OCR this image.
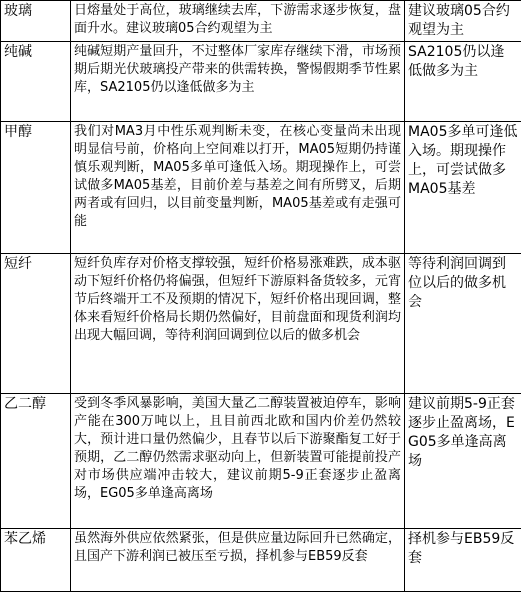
玻璃	日熔量处于高位，玻璃继续去库，下游需求逐步恢复，盘面升水。建议玻璃05合约观望为主	建议玻璃05合约观望为主
纯碱	纯碱短期产量回升，不过整体厂家库存继续下滑，市场预期后期光伏玻璃投产带来的供需转换，警惕假期季节性累库，SA2105仍以逢低做多为主	SA2105仍以逢低做多为主
甲醇	我们对MA3月中性乐观判断未变，在核心变量尚未出现明显信号前，价格向上空间难以打开，MA05短期仍持谨慎乐观判断，MA05多单可逢低入场。期现操作上，可尝试做多MA05基差，目前价差与基差之间有所劈叉，后期两者或有回归，以目前变量判断，MA05基差或有走强可能	MA05多单可逢低入场。期现操作上，可尝试做多MA05基差
短纤	短纤负库存对价格支撑较强，短纤价格易涨难跌，成本驱动下短纤价格仍将偏强，但短纤下游原料备货较多，元宵节后终端开工不及预期的情况下，短纤价格出现回调，整体来看短纤价格局长期仍然偏好，目前盘面和现货利润均出现大幅回调，等待利润回调到位以后的做多机会	等待利润回调到位以后的做多机会
乙二醇	受到冬季风暴影响，美国大量乙二醇装置被迫停车，影响产能在300万吨以上，且目前西北欧和国内价差仍然较大，预计进口量仍然偏少，且春节以后下游聚酯复工好于预期，乙二醇仍然需求驱动向上，但新装置可能提前投产对市场供应端冲击较大，建议前期5-9正套逐步止盈离场，EG05多单逢高离场	建议前期5-9正套逐步止盈离场，EG05多单逢高离场
苯乙烯	虽然海外供应依然紧张，但是供应量边际回升已然确定，且国产下游利润已被压至亏损，择机参与EB59反套	择机参与EB59反套
